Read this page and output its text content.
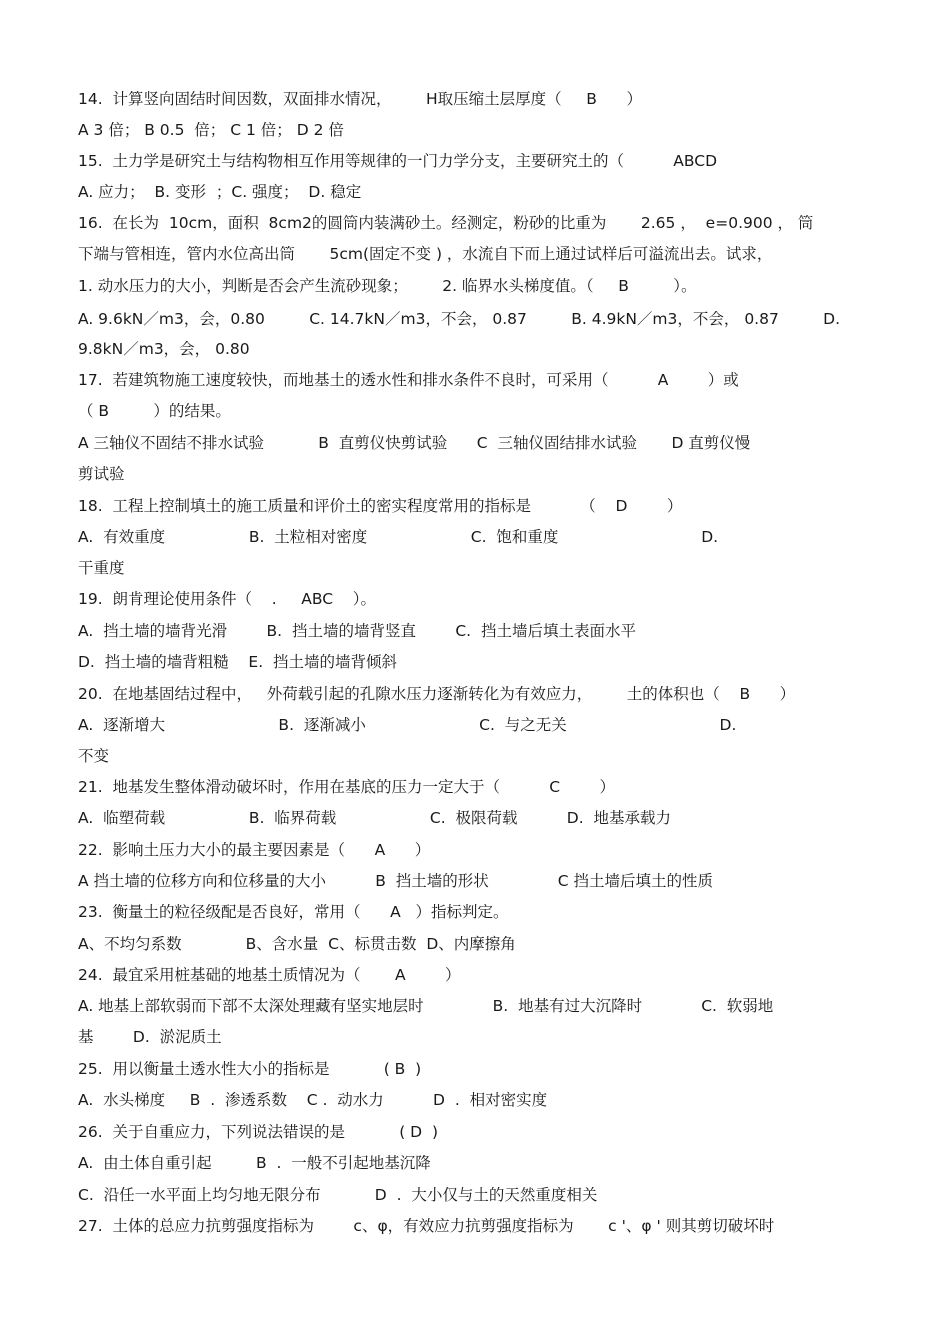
14.  计算竖向固结时间因数，双面排水情况，       H取压缩土层厚度（     B      ）
A 3 倍； B 0.5  倍； C 1 倍； D 2 倍
15.  土力学是研究土与结构物相互作用等规律的一门力学分支，主要研究土的（          ABCD
A. 应力；  B. 变形  ；C. 强度；  D. 稳定
16.  在长为  10cm，面积  8cm2的圆筒内装满砂土。经测定，粉砂的比重为       2.65 ，  e=0.900 ， 筒
下端与管相连，管内水位高出筒       5cm(固定不变 ) ，水流自下而上通过试样后可溢流出去。试求，
1. 动水压力的大小，判断是否会产生流砂现象；       2. 临界水头梯度值。（     B         ）。
A. 9.6kN／m3，会，0.80         C. 14.7kN／m3，不会， 0.87         B. 4.9kN／m3，不会， 0.87         D.
9.8kN／m3，会， 0.80
17.  若建筑物施工速度较快，而地基土的透水性和排水条件不良时，可采用（          A        ）或
（ B         ）的结果。
A 三轴仪不固结不排水试验           B  直剪仪快剪试验      C  三轴仪固结排水试验       D 直剪仪慢
剪试验
18.  工程上控制填土的施工质量和评价土的密实程度常用的指标是          （    D        ）
A.  有效重度                 B.  土粒相对密度                     C.  饱和重度                             D.
干重度
19.  朗肯理论使用条件（    .     ABC    ）。
A.  挡土墙的墙背光滑        B.  挡土墙的墙背竖直        C.  挡土墙后填土表面水平
D.  挡土墙的墙背粗糙    E.  挡土墙的墙背倾斜
20.  在地基固结过程中，   外荷载引起的孔隙水压力逐渐转化为有效应力，       土的体积也（    B      ）
A.  逐渐增大                       B.  逐渐减小                       C.  与之无关                               D.
不变
21.  地基发生整体滑动破坏时，作用在基底的压力一定大于（          C        ）
A.  临塑荷载                 B.  临界荷载                   C.  极限荷载          D.  地基承载力
22.  影响土压力大小的最主要因素是（      A      ）
A 挡土墙的位移方向和位移量的大小          B  挡土墙的形状              C 挡土墙后填土的性质
23.  衡量土的粒径级配是否良好，常用（      A   ）指标判定。
A、不均匀系数             B、含水量  C、标贯击数  D、内摩擦角
24.  最宜采用桩基础的地基土质情况为（       A        ）
A. 地基上部软弱而下部不太深处理藏有坚实地层时              B.  地基有过大沉降时            C.  软弱地
基        D.  淤泥质土
25.  用以衡量土透水性大小的指标是           ( B  )
A.  水头梯度     B  .  渗透系数    C .  动水力          D  .  相对密实度
26.  关于自重应力，下列说法错误的是           ( D  )
A.  由土体自重引起         B  .  一般不引起地基沉降
C.  沿任一水平面上均匀地无限分布           D  .  大小仅与土的天然重度相关
27.  土体的总应力抗剪强度指标为        c、φ，有效应力抗剪强度指标为       c '、φ ' 则其剪切破坏时
